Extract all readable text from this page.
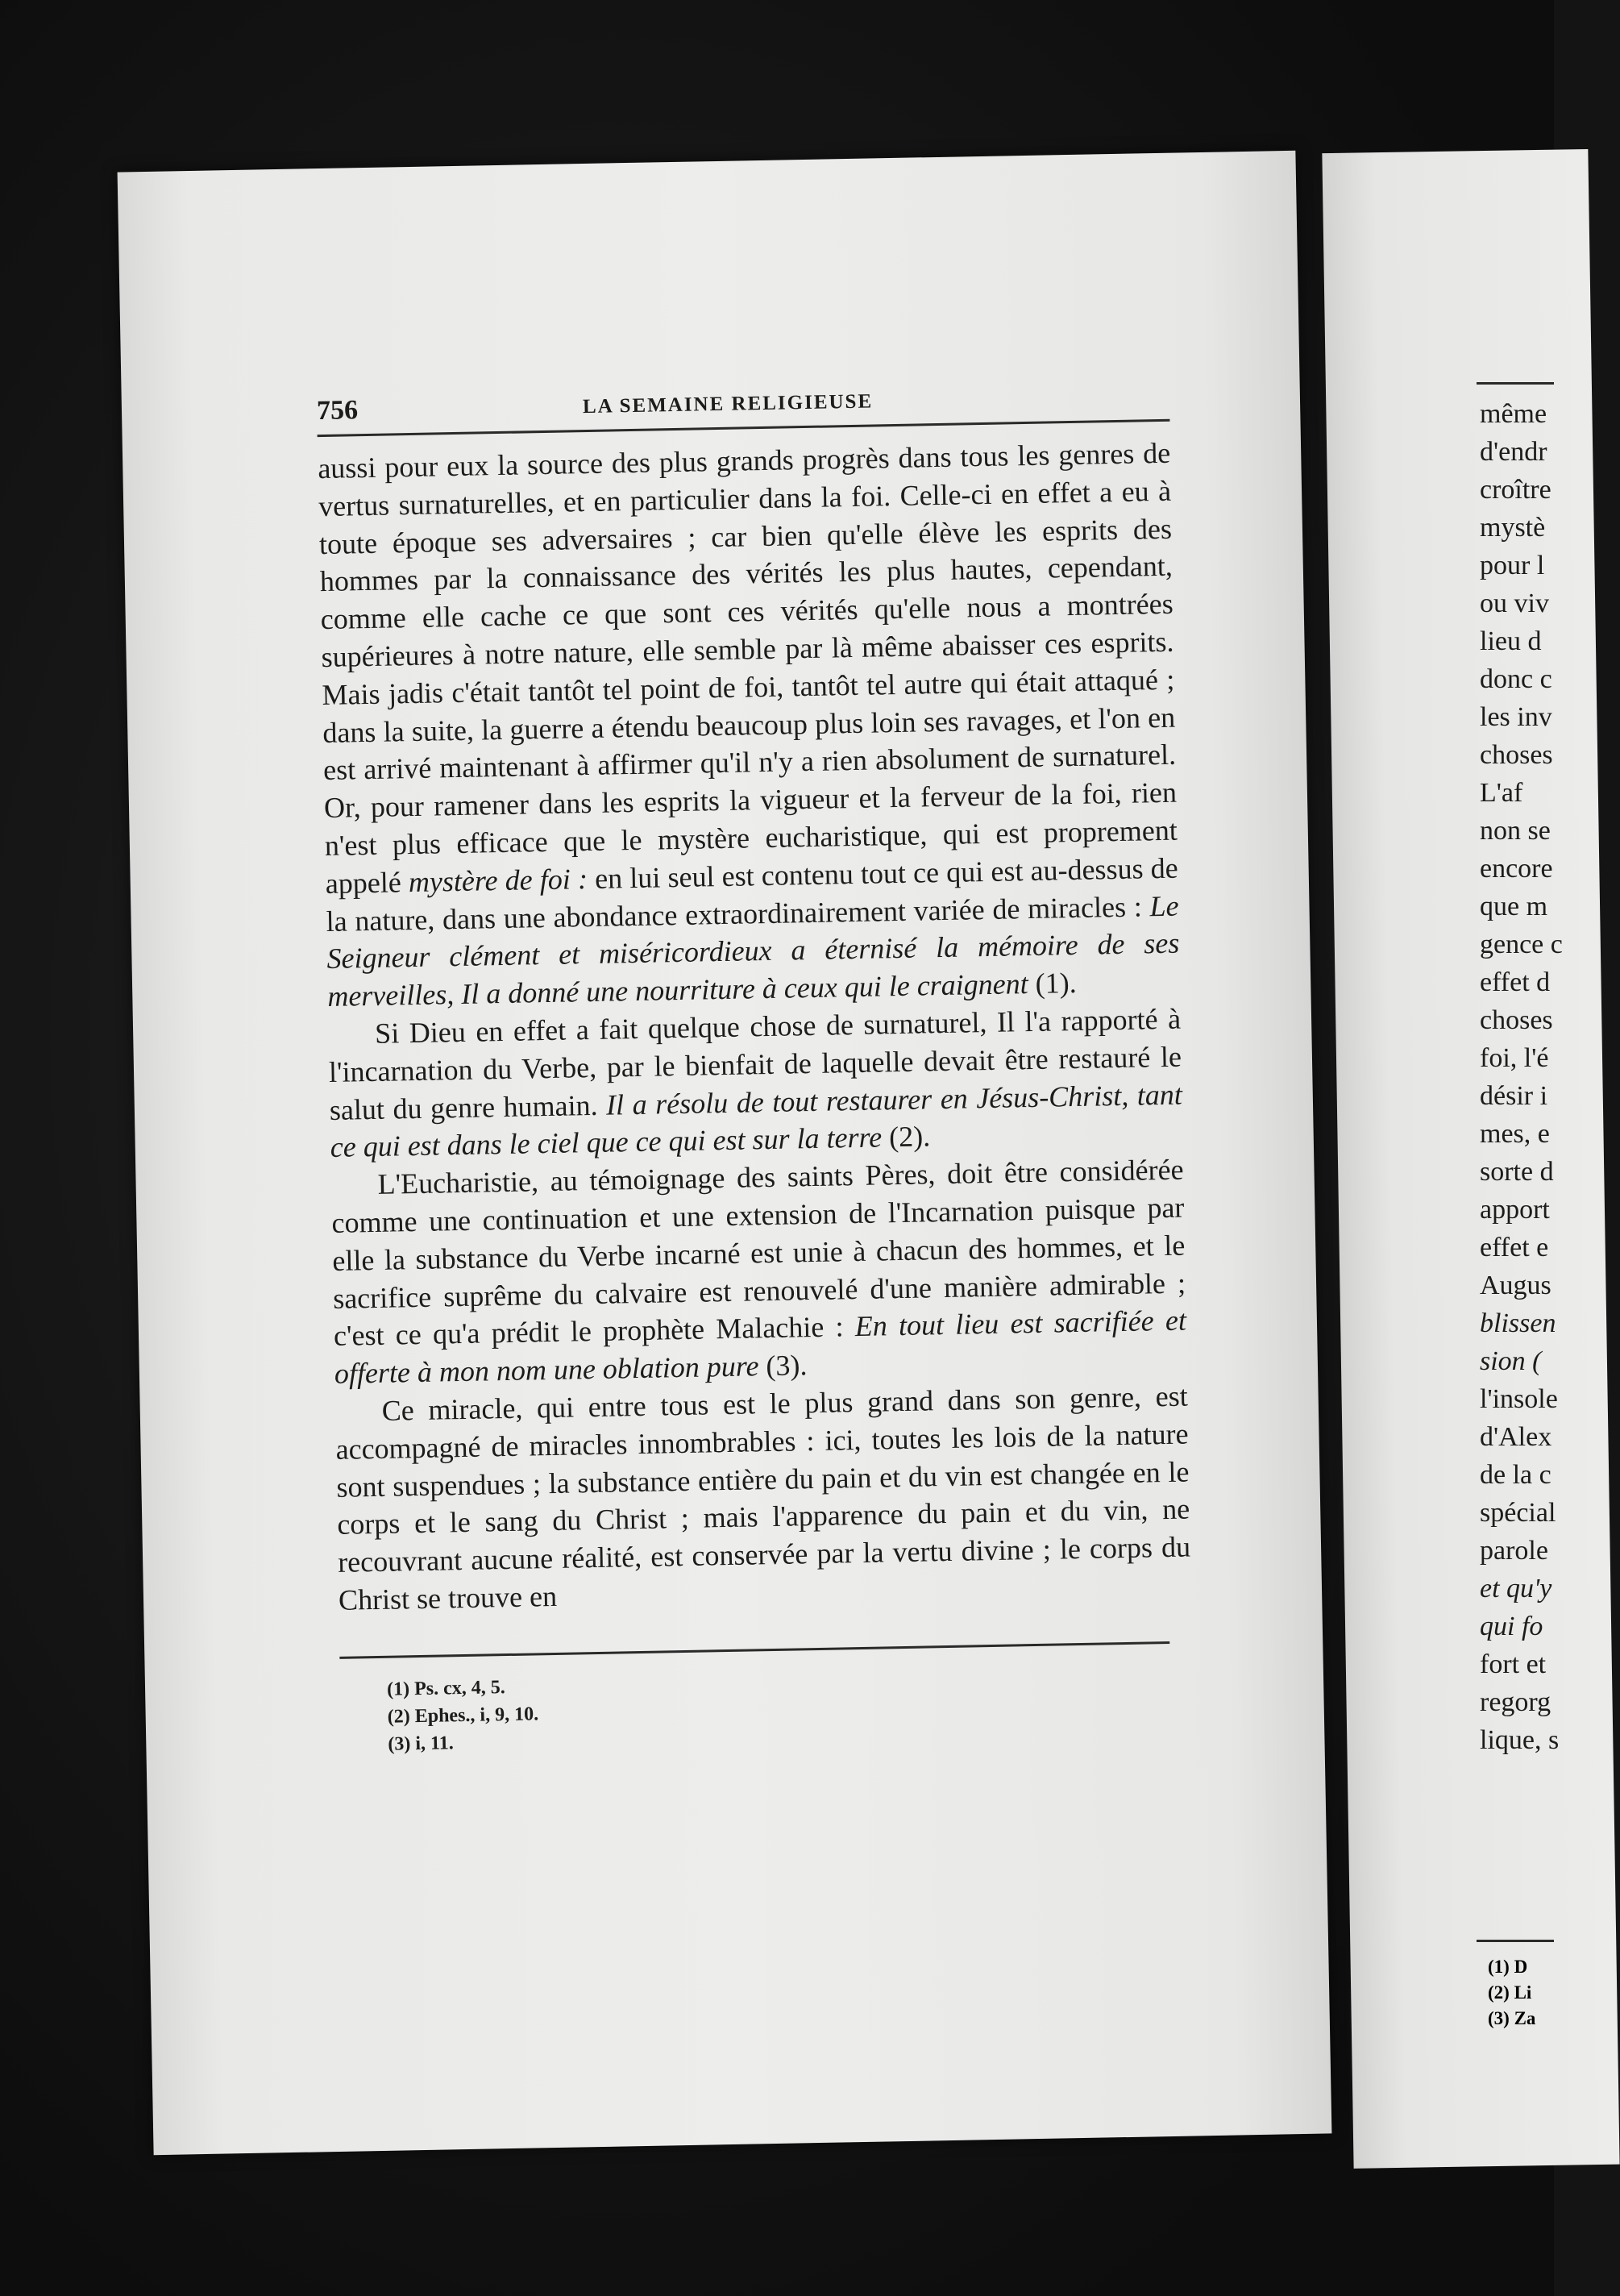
756	LA SEMAINE RELIGIEUSE

aussi pour eux la source des plus grands progrès dans tous les genres de vertus surnaturelles, et en particulier dans la foi. Celle-ci en effet a eu à toute époque ses adversaires ; car bien qu'elle élève les esprits des hommes par la connaissance des vérités les plus hautes, cependant, comme elle cache ce que sont ces vérités qu'elle nous a montrées supérieures à notre nature, elle semble par là même abaisser ces esprits. Mais jadis c'était tantôt tel point de foi, tantôt tel autre qui était attaqué ; dans la suite, la guerre a étendu beaucoup plus loin ses ravages, et l'on en est arrivé maintenant à affirmer qu'il n'y a rien absolument de surnaturel. Or, pour ramener dans les esprits la vigueur et la ferveur de la foi, rien n'est plus efficace que le mystère eucharistique, qui est proprement appelé mystère de foi : en lui seul est contenu tout ce qui est au-dessus de la nature, dans une abondance extraordinairement variée de miracles : Le Seigneur clément et miséricordieux a éternisé la mémoire de ses merveilles, Il a donné une nourriture à ceux qui le craignent (1).

Si Dieu en effet a fait quelque chose de surnaturel, Il l'a rapporté à l'incarnation du Verbe, par le bienfait de laquelle devait être restauré le salut du genre humain. Il a résolu de tout restaurer en Jésus-Christ, tant ce qui est dans le ciel que ce qui est sur la terre (2).

L'Eucharistie, au témoignage des saints Pères, doit être considérée comme une continuation et une extension de l'Incarnation puisque par elle la substance du Verbe incarné est unie à chacun des hommes, et le sacrifice suprême du calvaire est renouvelé d'une manière admirable ; c'est ce qu'a prédit le prophète Malachie : En tout lieu est sacrifiée et offerte à mon nom une oblation pure (3).

Ce miracle, qui entre tous est le plus grand dans son genre, est accompagné de miracles innombrables : ici, toutes les lois de la nature sont suspendues ; la substance entière du pain et du vin est changée en le corps et le sang du Christ ; mais l'apparence du pain et du vin, ne recouvrant aucune réalité, est conservée par la vertu divine ; le corps du Christ se trouve en

(1) Ps. cx, 4, 5.
(2) Ephes., i, 9, 10.
(3) i, 11.
même
d'endr
croître
mystè
pour l
ou viv
lieu d
donc c
les inv
choses
L'af
non se
encore
que m
gence c
effet d
choses
foi, l'é
désir i
mes, e
sorte d
apport
effet e
Augus
blissen
sion (
l'insole
d'Alex
de la c
spécial
parole
et qu'y
qui fo
fort et
regorg
lique, s
(1) D
(2) Li
(3) Za
